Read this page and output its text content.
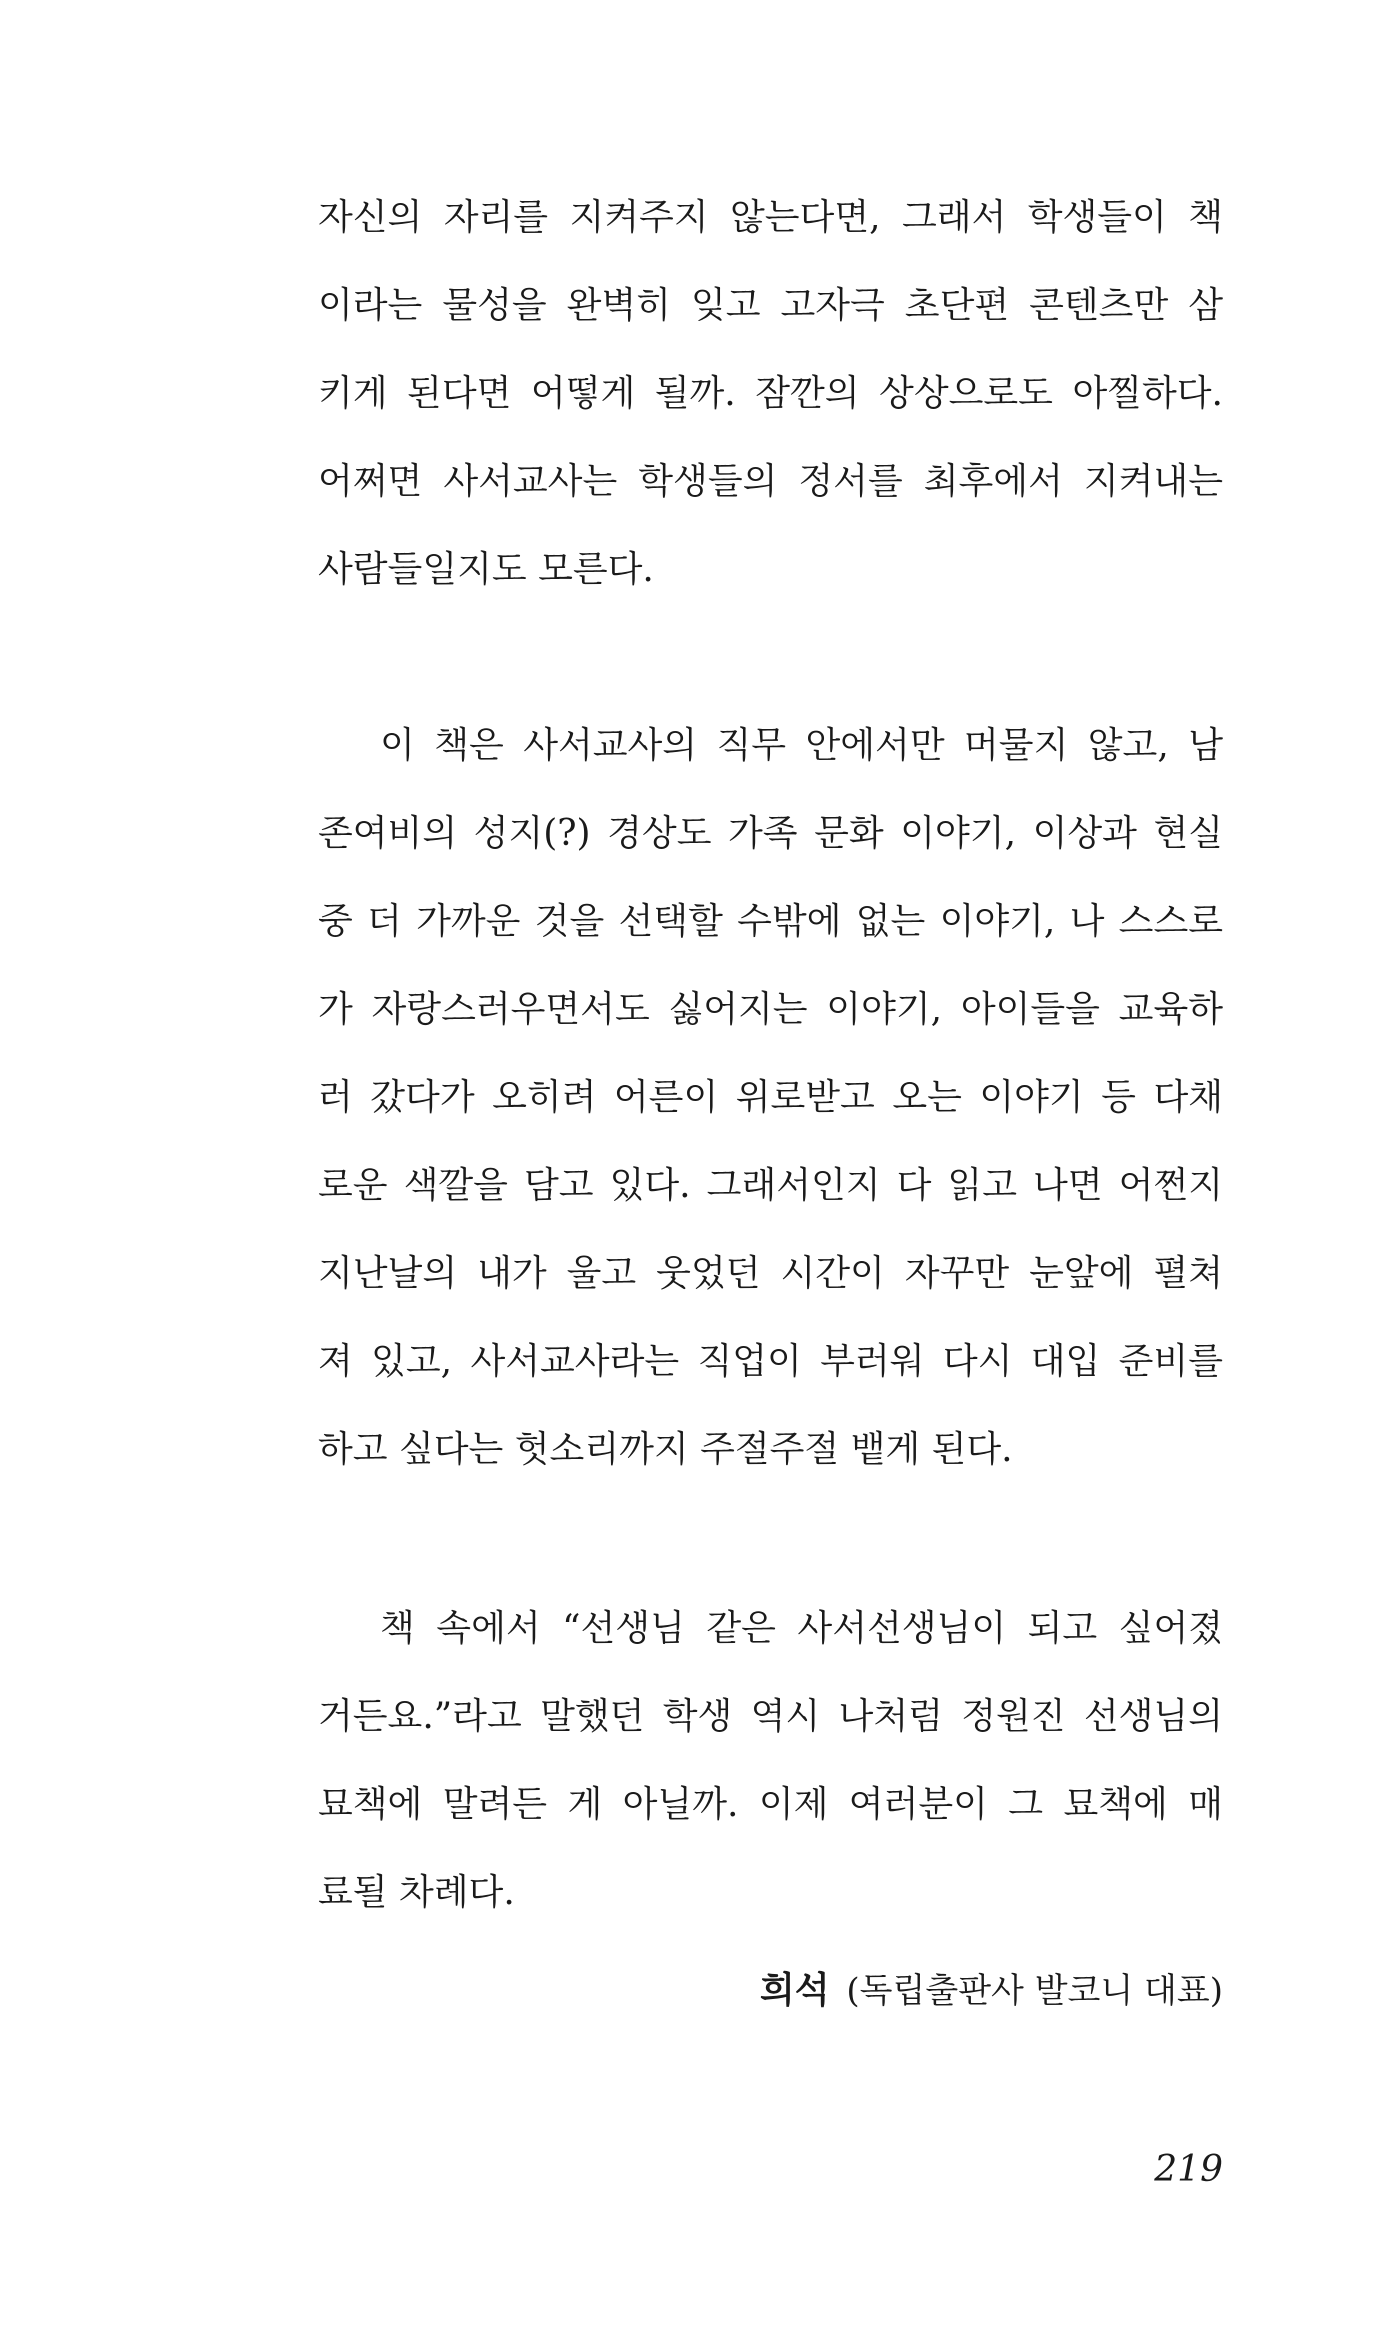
자신의 자리를 지켜주지 않는다면, 그래서 학생들이 책
이라는 물성을 완벽히 잊고 고자극 초단편 콘텐츠만 삼
키게 된다면 어떻게 될까. 잠깐의 상상으로도 아찔하다.
어쩌면 사서교사는 학생들의 정서를 최후에서 지켜내는
사람들일지도 모른다.
이 책은 사서교사의 직무 안에서만 머물지 않고, 남
존여비의 성지(?) 경상도 가족 문화 이야기, 이상과 현실
중 더 가까운 것을 선택할 수밖에 없는 이야기, 나 스스로
가 자랑스러우면서도 싫어지는 이야기, 아이들을 교육하
러 갔다가 오히려 어른이 위로받고 오는 이야기 등 다채
로운 색깔을 담고 있다. 그래서인지 다 읽고 나면 어쩐지
지난날의 내가 울고 웃었던 시간이 자꾸만 눈앞에 펼쳐
져 있고, 사서교사라는 직업이 부러워 다시 대입 준비를
하고 싶다는 헛소리까지 주절주절 뱉게 된다.
책 속에서 “선생님 같은 사서선생님이 되고 싶어졌
거든요.”라고 말했던 학생 역시 나처럼 정원진 선생님의
묘책에 말려든 게 아닐까. 이제 여러분이 그 묘책에 매
료될 차례다.
희석 (독립출판사 발코니 대표)
219
